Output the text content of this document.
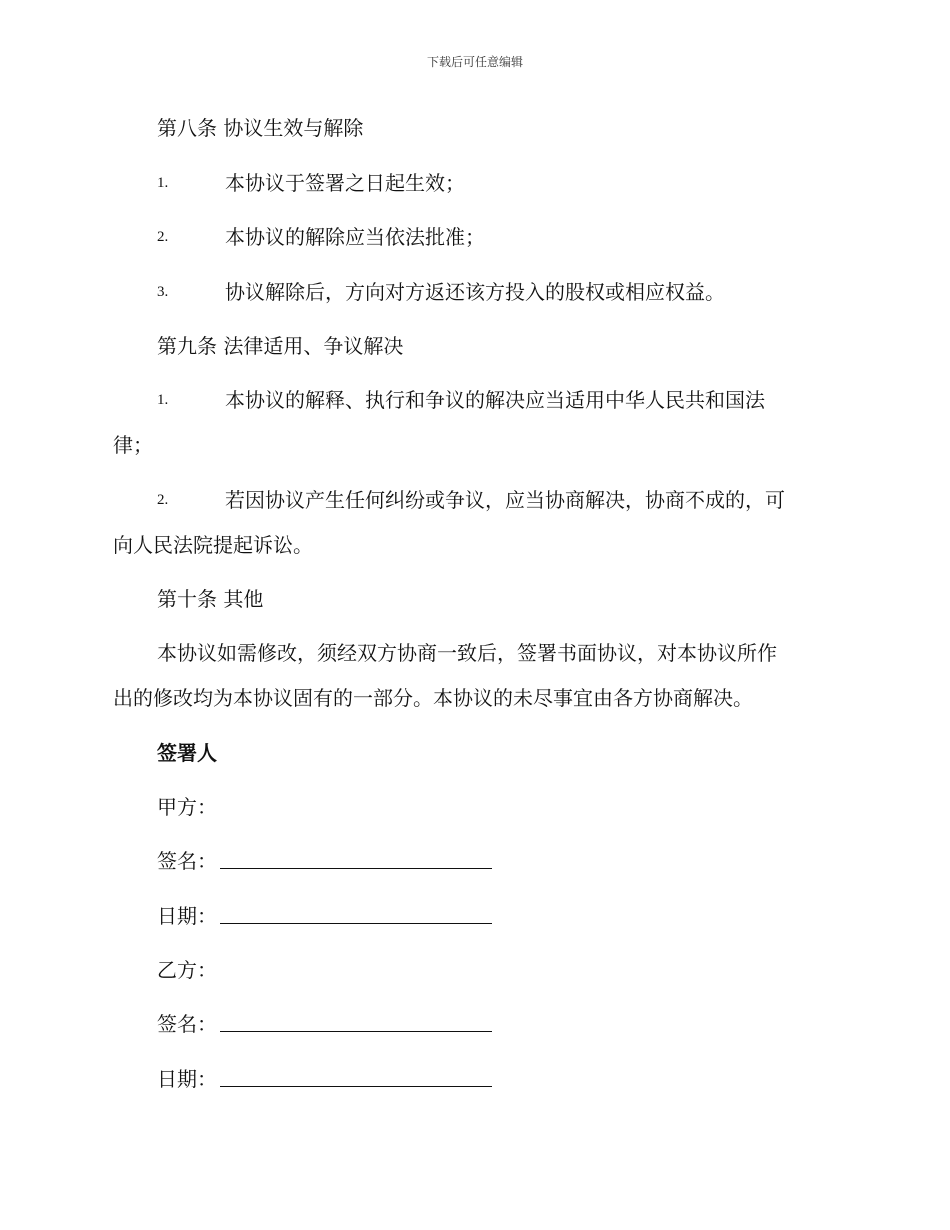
下载后可任意编辑
第八条 协议生效与解除
1.	本协议于签署之日起生效；
2.	本协议的解除应当依法批准；
3.	协议解除后，方向对方返还该方投入的股权或相应权益。
第九条 法律适用、争议解决
1.	本协议的解释、执行和争议的解决应当适用中华人民共和国法
律；
2.	若因协议产生任何纠纷或争议，应当协商解决，协商不成的，可
向人民法院提起诉讼。
第十条 其他
本协议如需修改，须经双方协商一致后，签署书面协议，对本协议所作
出的修改均为本协议固有的一部分。本协议的未尽事宜由各方协商解决。
签署人
甲方：
签名：
日期：
乙方：
签名：
日期：
